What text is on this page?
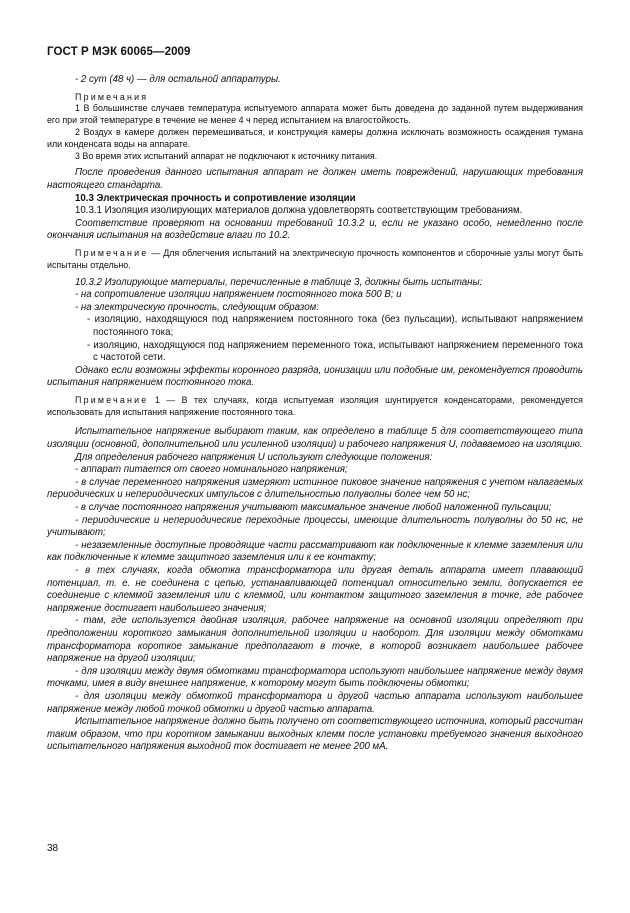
ГОСТ Р МЭК 60065—2009

- 2 сут (48 ч) — для остальной аппаратуры.

Примечания

1 В большинстве случаев температура испытуемого аппарата может быть доведена до заданной путем выдерживания его при этой температуре в течение не менее 4 ч перед испытанием на влагостойкость.

2 Воздух в камере должен перемешиваться, и конструкция камеры должна исключать возможность осаждения тумана или конденсата воды на аппарате.

3 Во время этих испытаний аппарат не подключают к источнику питания.

После проведения данного испытания аппарат не должен иметь повреждений, нарушающих требования настоящего стандарта.

10.3 Электрическая прочность и сопротивление изоляции

10.3.1 Изоляция изолирующих материалов должна удовлетворять соответствующим требованиям.

Соответствие проверяют на основании требований 10.3.2 и, если не указано особо, немедленно после окончания испытания на воздействие влаги по 10.2.

Примечание — Для облегчения испытаний на электрическую прочность компонентов и сборочные узлы могут быть испытаны отдельно.

10.3.2 Изолирующие материалы, перечисленные в таблице 3, должны быть испытаны:

- на сопротивление изоляции напряжением постоянного тока 500 В; и

- на электрическую прочность, следующим образом:

- изоляцию, находящуюся под напряжением постоянного тока (без пульсации), испытывают напряжением постоянного тока;

- изоляцию, находящуюся под напряжением переменного тока, испытывают напряжением переменного тока с частотой сети.

Однако если возможны эффекты коронного разряда, ионизации или подобные им, рекомендуется проводить испытания напряжением постоянного тока.

Примечание 1 — В тех случаях, когда испытуемая изоляция шунтируется конденсаторами, рекомендуется использовать для испытания напряжение постоянного тока.

Испытательное напряжение выбирают таким, как определено в таблице 5 для соответствующего типа изоляции (основной, дополнительной или усиленной изоляции) и рабочего напряжения U, подаваемого на изоляцию.

Для определения рабочего напряжения U используют следующие положения:

- аппарат питается от своего номинального напряжения;

- в случае переменного напряжения измеряют истинное пиковое значение напряжения с учетом налагаемых периодических и непериодических импульсов с длительностью полуволны более чем 50 нс;

- в случае постоянного напряжения учитывают максимальное значение любой наложенной пульсации;

- периодические и непериодические переходные процессы, имеющие длительность полуволны до 50 нс, не учитывают;

- незаземленные доступные проводящие части рассматривают как подключенные к клемме заземления или как подключенные к клемме защитного заземления или к ее контакту;

- в тех случаях, когда обмотка трансформатора или другая деталь аппарата имеет плавающий потенциал, т. е. не соединена с цепью, устанавливающей потенциал относительно земли, допускается ее соединение с клеммой заземления или с клеммой, или контактом защитного заземления в точке, где рабочее напряжение достигает наибольшего значения;

- там, где используется двойная изоляция, рабочее напряжение на основной изоляции определяют при предположении короткого замыкания дополнительной изоляции и наоборот. Для изоляции между обмотками трансформатора короткое замыкание предполагают в точке, в которой возникает наибольшее рабочее напряжение на другой изоляции;

- для изоляции между двумя обмотками трансформатора используют наибольшее напряжение между двумя точками, имея в виду внешнее напряжение, к которому могут быть подключены обмотки;

- для изоляции между обмоткой трансформатора и другой частью аппарата используют наибольшее напряжение между любой точкой обмотки и другой частью аппарата.

Испытательное напряжение должно быть получено от соответствующего источника, который рассчитан таким образом, что при коротком замыкании выходных клемм после установки требуемого значения выходного испытательного напряжения выходной ток достигает не менее 200 мА.

38
